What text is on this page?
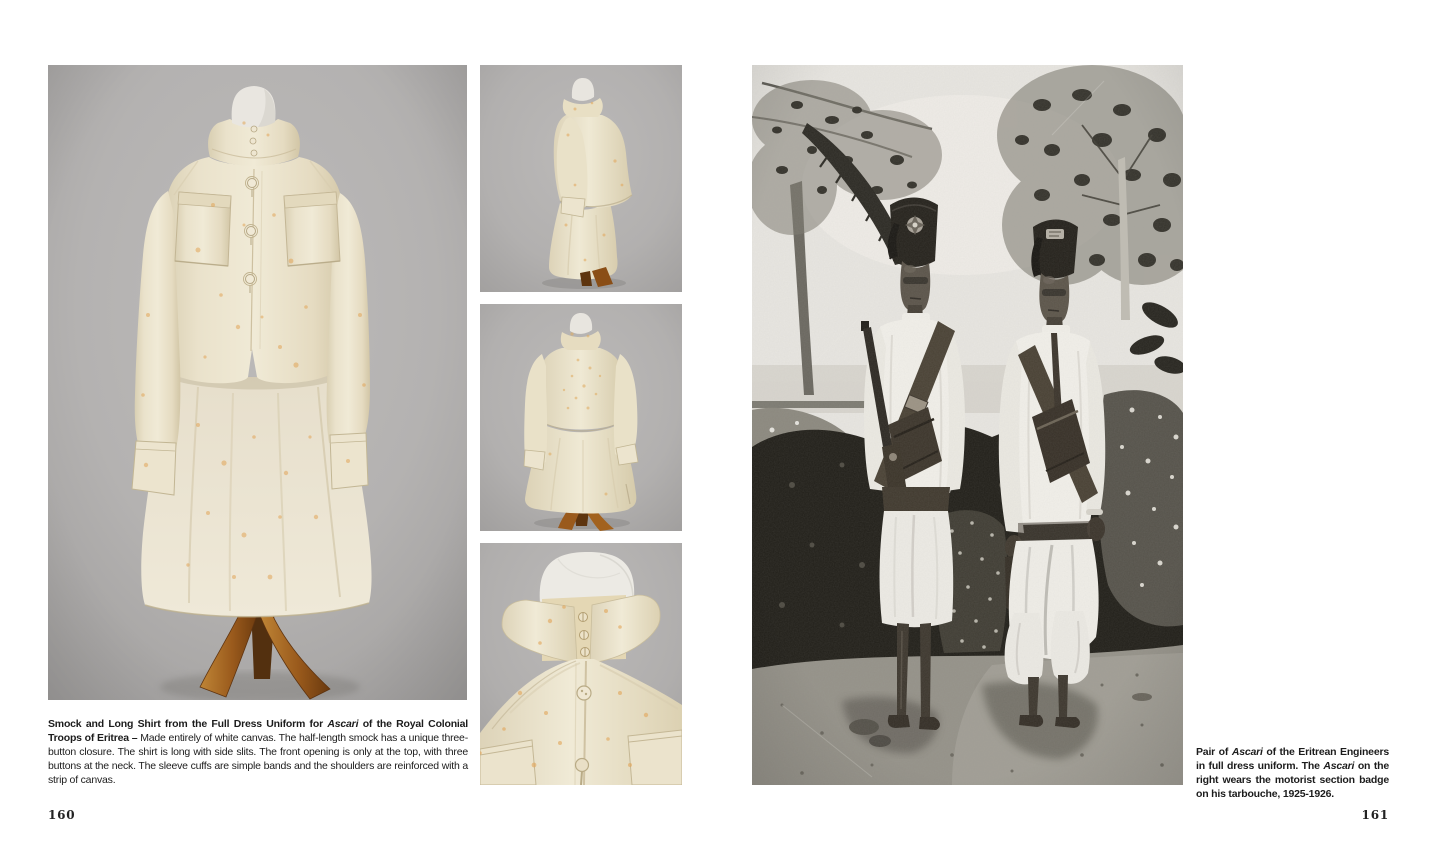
Smock and Long Shirt from the Full Dress Uniform for Ascari of the Royal Colonial Troops of Eritrea – Made entirely of white canvas. The half-length smock has a unique three-button closure. The shirt is long with side slits. The front opening is only at the top, with three buttons at the neck. The sleeve cuffs are simple bands and the shoulders are reinforced with a strip of canvas.

160

Pair of Ascari of the Eritrean Engineers in full dress uniform. The Ascari on the right wears the motorist section badge on his tarbouche, 1925-1926.

161
